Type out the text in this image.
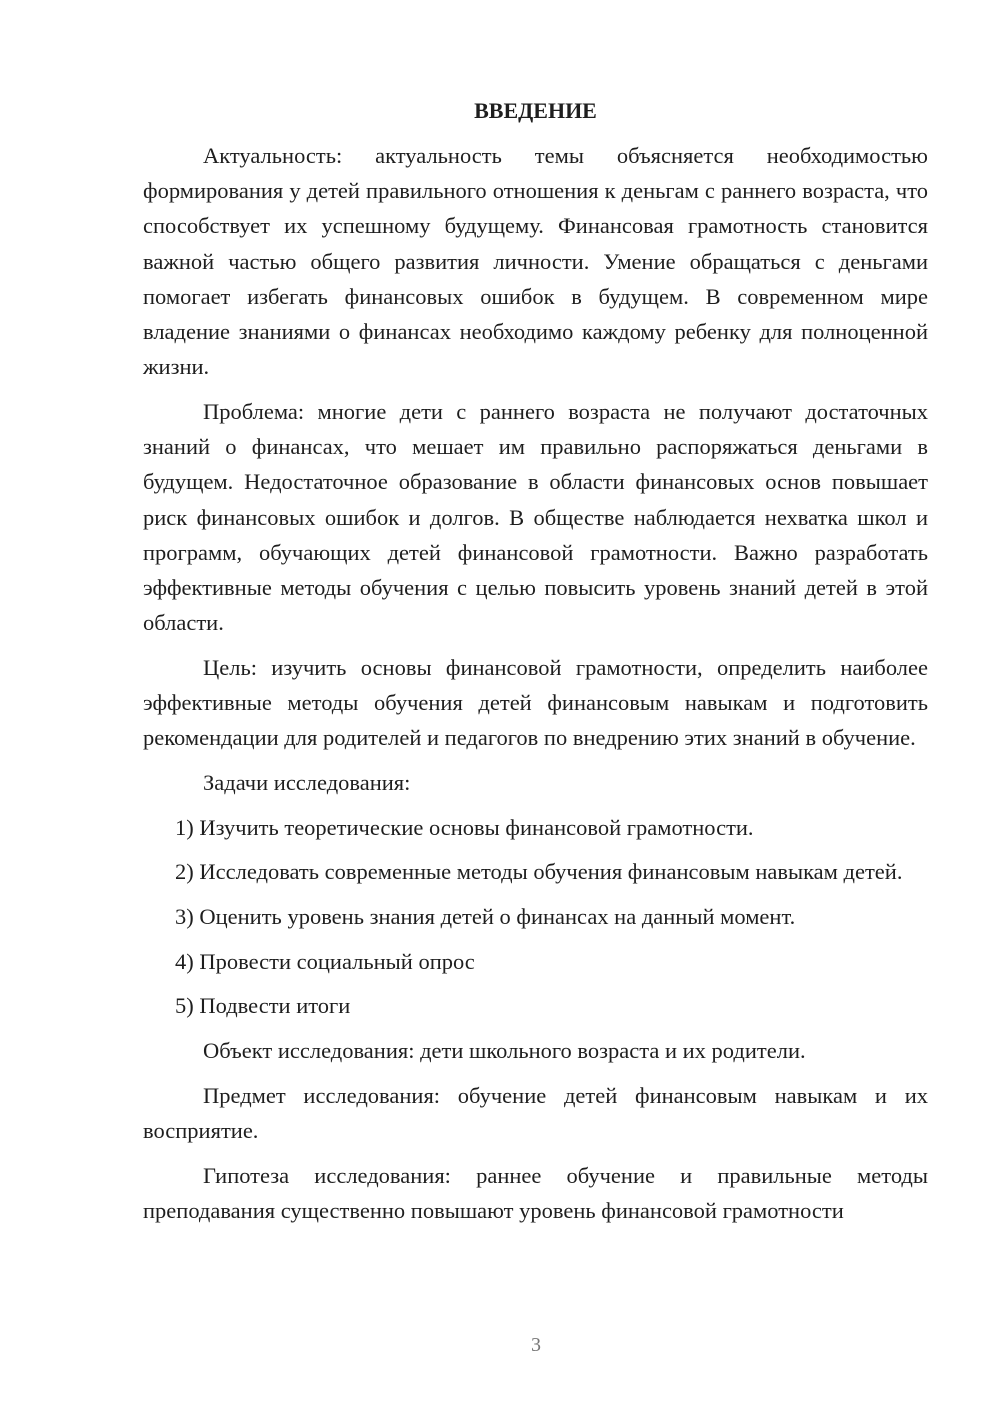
ВВЕДЕНИЕ

Актуальность: актуальность темы объясняется необходимостью формирования у детей правильного отношения к деньгам с раннего возраста, что способствует их успешному будущему. Финансовая грамотность становится важной частью общего развития личности. Умение обращаться с деньгами помогает избегать финансовых ошибок в будущем. В современном мире владение знаниями о финансах необходимо каждому ребенку для полноценной жизни.

Проблема: многие дети с раннего возраста не получают достаточных знаний о финансах, что мешает им правильно распоряжаться деньгами в будущем. Недостаточное образование в области финансовых основ повышает риск финансовых ошибок и долгов. В обществе наблюдается нехватка школ и программ, обучающих детей финансовой грамотности. Важно разработать эффективные методы обучения с целью повысить уровень знаний детей в этой области.

Цель: изучить основы финансовой грамотности, определить наиболее эффективные методы обучения детей финансовым навыкам и подготовить рекомендации для родителей и педагогов по внедрению этих знаний в обучение.

Задачи исследования:

1) Изучить теоретические основы финансовой грамотности.

2) Исследовать современные методы обучения финансовым навыкам детей.

3) Оценить уровень знания детей о финансах на данный момент.

4) Провести социальный опрос

5) Подвести итоги

Объект исследования: дети школьного возраста и их родители.

Предмет исследования: обучение детей финансовым навыкам и их восприятие.

Гипотеза исследования: раннее обучение и правильные методы преподавания существенно повышают уровень финансовой грамотности

3
